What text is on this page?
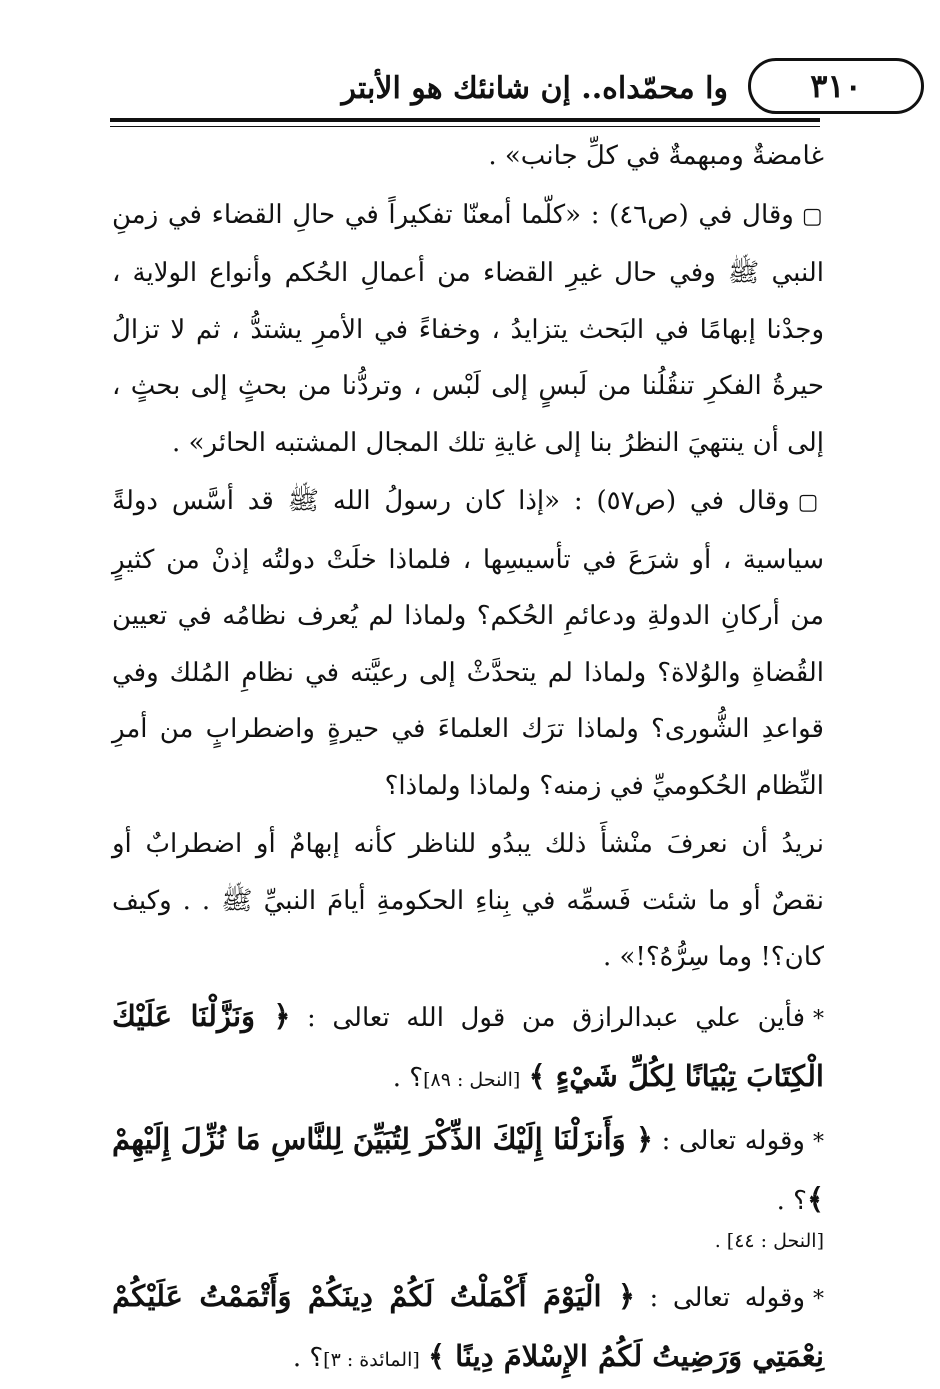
٣١٠
وا محمّداه.. إن شانئك هو الأبتر

غامضةٌ ومبهمةٌ في كلِّ جانب» .

▢وقال في (ص٤٦) : «كلّما أمعنّا تفكيراً في حالِ القضاء في زمنِ النبي ﷺ وفي حال غيرِ القضاء من أعمالِ الحُكم وأنواع الولاية ، وجدْنا إبهامًا في البَحث يتزايدُ ، وخفاءً في الأمرِ يشتدُّ ، ثم لا تزالُ حيرةُ الفكرِ تنقُلُنا من لَبسٍ إلى لَبْس ، وتردُّنا من بحثٍ إلى بحثٍ ، إلى أن ينتهيَ النظرُ بنا إلى غايةِ تلك المجال المشتبه الحائر» .

▢وقال في (ص٥٧) : «إذا كان رسولُ الله ﷺ قد أسَّس دولةً سياسية ، أو شرَعَ في تأسيسِها ، فلماذا خلَتْ دولتُه إذنْ من كثيرٍ من أركانِ الدولةِ ودعائمِ الحُكم؟ ولماذا لم يُعرف نظامُه في تعيين القُضاةِ والوُلاة؟ ولماذا لم يتحدَّثْ إلى رعيَّته في نظامِ المُلك وفي قواعدِ الشُّورى؟ ولماذا ترَك العلماءَ في حيرةٍ واضطرابٍ من أمرِ النِّظام الحُكوميِّ في زمنه؟ ولماذا ولماذا؟

نريدُ أن نعرفَ منْشأَ ذلك يبدُو للناظر كأنه إبهامٌ أو اضطرابٌ أو نقصٌ أو ما شئت فَسمِّه في بِناءِ الحكومةِ أيامَ النبيِّ ﷺ . . وكيف كان؟! وما سِرُّهُ؟!» .

*فأين علي عبدالرازق من قول الله تعالى : ﴿ وَنَزَّلْنَا عَلَيْكَ الْكِتَابَ تِبْيَانًا لِكُلِّ شَيْءٍ ﴾ [النحل : ٨٩]؟ .

*وقوله تعالى : ﴿ وَأَنزَلْنَا إِلَيْكَ الذِّكْرَ لِتُبَيِّنَ لِلنَّاسِ مَا نُزِّلَ إِلَيْهِمْ ﴾؟ .

[النحل : ٤٤] .

*وقوله تعالى : ﴿ الْيَوْمَ أَكْمَلْتُ لَكُمْ دِينَكُمْ وَأَتْمَمْتُ عَلَيْكُمْ نِعْمَتِي وَرَضِيتُ لَكُمُ الإِسْلامَ دِينًا ﴾ [المائدة : ٣]؟ .
